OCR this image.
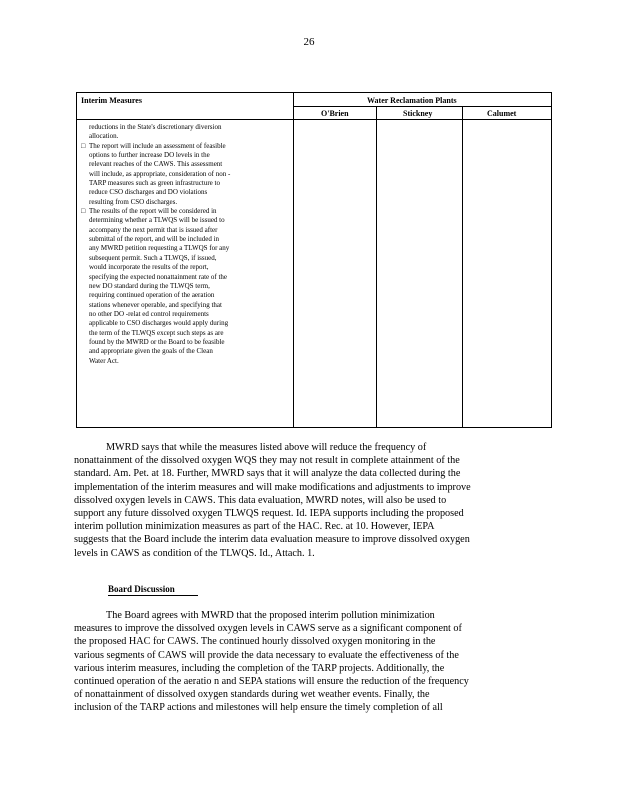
26
Interim Measures	Water Reclamation Plants
O'Brien	Stickney	Calumet
reductions in the State's discretionary diversion
allocation.
□ The report will include an assessment of feasible
options to further increase DO levels in the
relevant reaches of the CAWS. This assessment
will include, as appropriate, consideration of non -
TARP measures such as green infrastructure to
reduce CSO discharges and DO violations
resulting from CSO discharges.
□ The results of the report will be considered in
determining whether a TLWQS will be issued to
accompany the next permit that is issued after
submittal of the report, and will be included in
any MWRD petition requesting a TLWQS for any
subsequent permit. Such a TLWQS, if issued,
would incorporate the results of the report,
specifying the expected nonattainment rate of the
new DO standard during the TLWQS term,
requiring continued operation of the aeration
stations whenever operable, and specifying that
no other DO -relat ed control requirements
applicable to CSO discharges would apply during
the term of the TLWQS except such steps as are
found by the MWRD or the Board to be feasible
and appropriate given the goals of the Clean
Water Act.
MWRD says that while the measures listed above will reduce the frequency of
nonattainment of the dissolved oxygen WQS they may not result in complete attainment of the
standard. Am. Pet. at 18. Further, MWRD says that it will analyze the data collected during the
implementation of the interim measures and will make modifications and adjustments to improve
dissolved oxygen levels in CAWS. This data evaluation, MWRD notes, will also be used to
support any future dissolved oxygen TLWQS request. Id. IEPA supports including the proposed
interim pollution minimization measures as part of the HAC. Rec. at 10. However, IEPA
suggests that the Board include the interim data evaluation measure to improve dissolved oxygen
levels in CAWS as condition of the TLWQS. Id., Attach. 1.
Board Discussion
The Board agrees with MWRD that the proposed interim pollution minimization
measures to improve the dissolved oxygen levels in CAWS serve as a significant component of
the proposed HAC for CAWS. The continued hourly dissolved oxygen monitoring in the
various segments of CAWS will provide the data necessary to evaluate the effectiveness of the
various interim measures, including the completion of the TARP projects. Additionally, the
continued operation of the aeratio n and SEPA stations will ensure the reduction of the frequency
of nonattainment of dissolved oxygen standards during wet weather events. Finally, the
inclusion of the TARP actions and milestones will help ensure the timely completion of all
